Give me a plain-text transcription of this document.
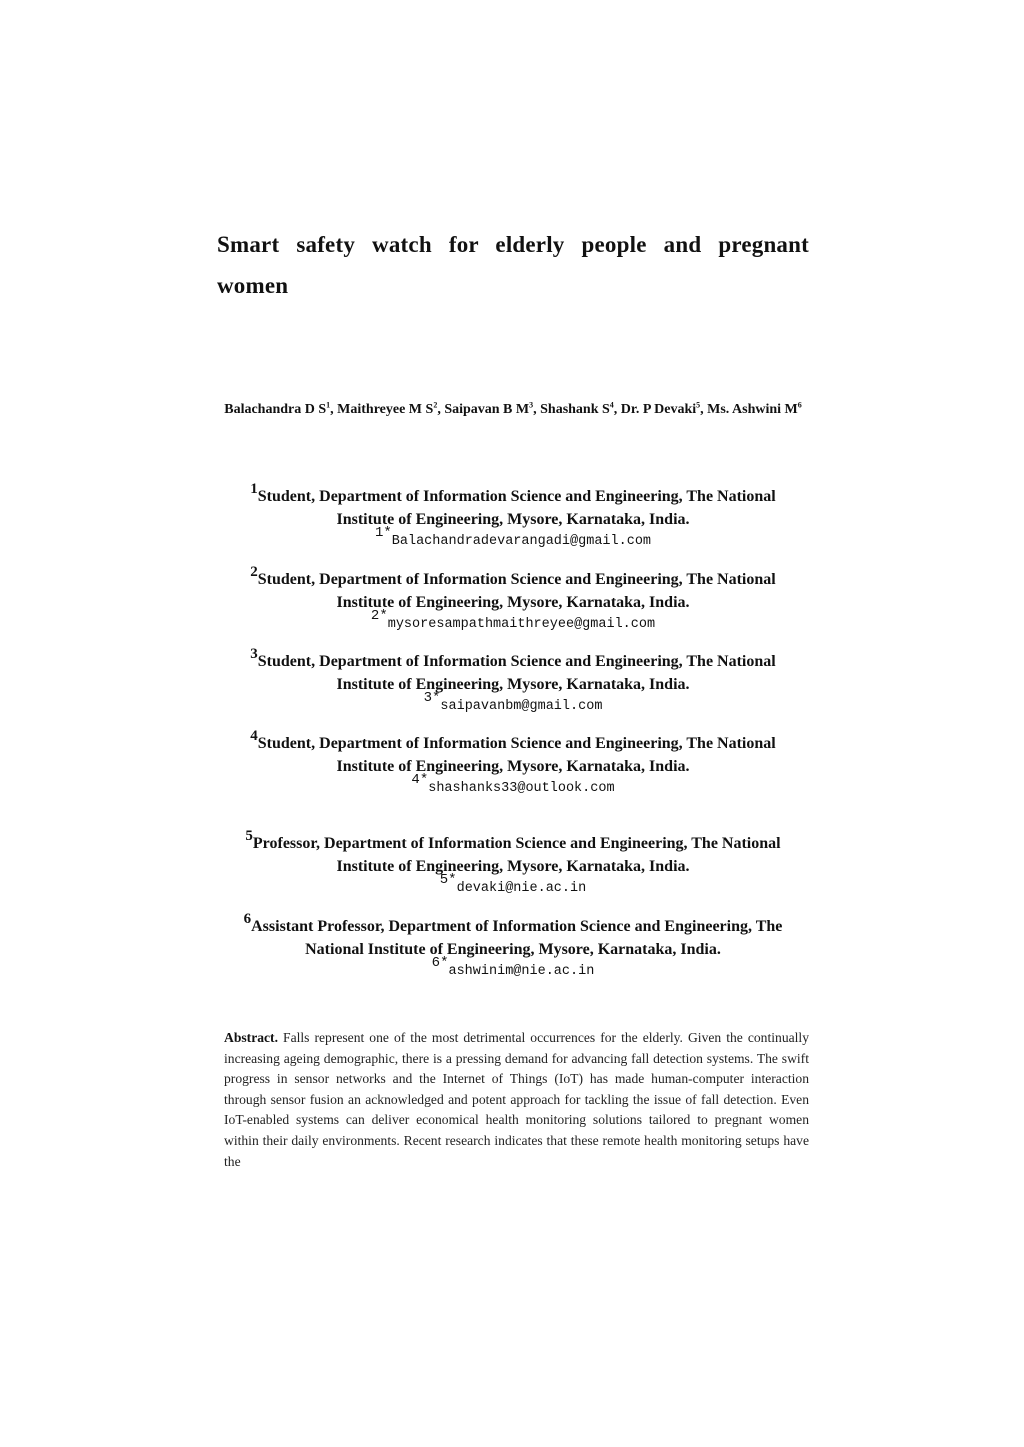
Smart safety watch for elderly people and pregnant
women
Balachandra D $S^1$, Maithreyee M $S^2$, Saipavan B $M^3$, Shashank $S^4$, Dr. P Devaki$^5$, Ms. Ashwini $M^6$
1Student, Department of Information Science and Engineering, The National
Institute of Engineering, Mysore, Karnataka, India.
1*Balachandradevarangadi@gmail.com
2Student, Department of Information Science and Engineering, The National
Institute of Engineering, Mysore, Karnataka, India.
2*mysoresampathmaithreyee@gmail.com
3Student, Department of Information Science and Engineering, The National
Institute of Engineering, Mysore, Karnataka, India.
3*saipavanbm@gmail.com
4Student, Department of Information Science and Engineering, The National
Institute of Engineering, Mysore, Karnataka, India.
4*shashanks33@outlook.com
5Professor, Department of Information Science and Engineering, The National
Institute of Engineering, Mysore, Karnataka, India.
5*devaki@nie.ac.in
6Assistant Professor, Department of Information Science and Engineering, The
National Institute of Engineering, Mysore, Karnataka, India.
6*ashwinim@nie.ac.in
Abstract. Falls represent one of the most detrimental occurrences for the elderly. Given the continually increasing ageing demographic, there is a pressing demand for advancing fall detection systems. The swift progress in sensor networks and the Internet of Things (IoT) has made human-computer interaction through sensor fusion an acknowledged and potent approach for tackling the issue of fall detection. Even IoT-enabled systems can deliver economical health monitoring solutions tailored to pregnant women within their daily environments. Recent research indicates that these remote health monitoring setups have the
